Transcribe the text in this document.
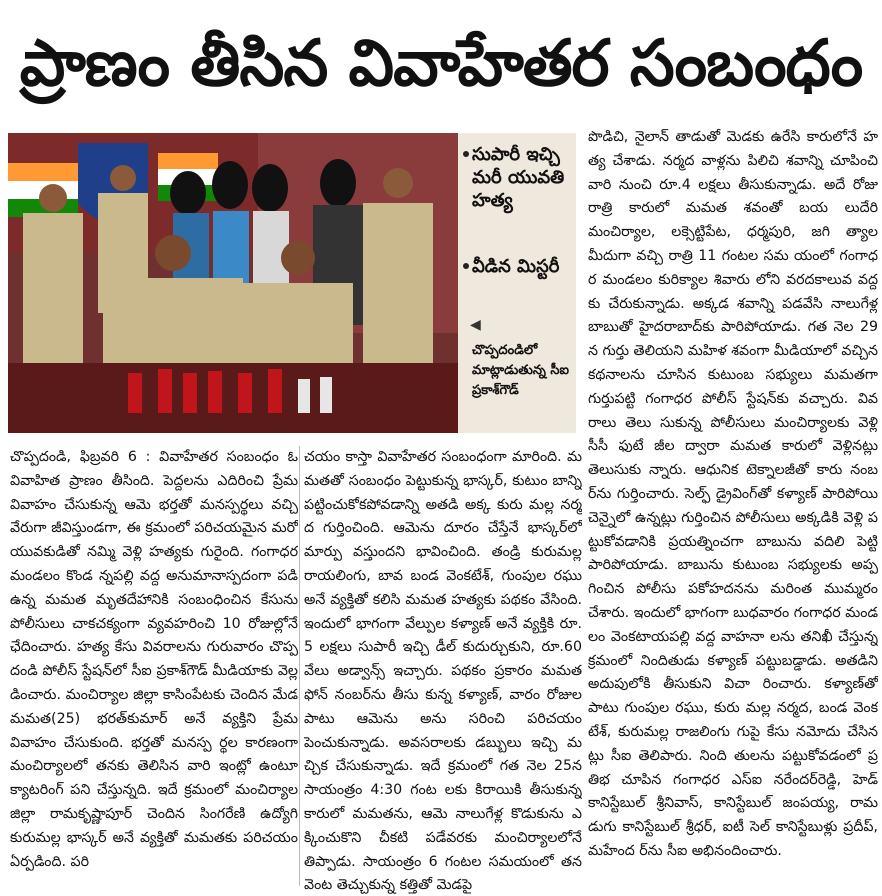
ప్రాణం తీసిన వివాహేతర సంబంధం
సుపారీ ఇచ్చి మరీ యువతి హత్య
వీడిన మిస్టరీ
◀
చొప్పదండిలో మాట్లాడుతున్న సీఐ ప్రకాశ్‌గౌడ్

చొప్పదండి, ఫిబ్రవరి 6 : వివాహేతర సంబంధం ఓ వివాహిత ప్రాణం తీసింది. పెద్దలను ఎదిరించి ప్రేమ వివాహం చేసుకున్న ఆమె భర్తతో మనస్పర్థలు వచ్చి వేరుగా జీవిస్తుండగా, ఈ క్రమంలో పరిచయమైన మరో యువకుడితో నమ్మి వెళ్లి హత్యకు గురైంది. గంగాధర మండలం కొండ న్నపల్లి వద్ద అనుమానాస్పదంగా పడి ఉన్న మమత మృతదేహానికి సంబంధించిన కేసును పోలీసులు చాకచక్యంగా వ్యవహరించి 10 రోజుల్లోనే ఛేదించారు. హత్య కేసు వివరాలను గురువారం చొప్ప దండి పోలీస్ స్టేషన్‌లో సీఐ ప్రకాశ్‌గౌడ్ మీడియాకు వెల్లడించారు. మంచిర్యాల జిల్లా కాసింపేటకు చెందిన మేడ మమత(25) భరత్‌కుమార్ అనే వ్యక్తిని ప్రేమ వివాహం చేసుకుంది. భర్తతో మనస్ప ర్థల కారణంగా మంచిర్యాలలో తనకు తెలిసిన వారి ఇంట్లో ఉంటూ క్యాటరింగ్ పని చేస్తున్నది. ఇదే క్రమంలో మంచిర్యాల జిల్లా రామకృష్ణాపూర్ చెందిన సింగరేణి ఉద్యోగి కురుమల్ల భాస్కర్ అనే వ్యక్తితో మమతకు పరిచయం ఏర్పడింది. పరి

చయం కాస్తా వివాహేతర సంబంధంగా మారింది. మమతతో సంబంధం పెట్టుకున్న భాస్కర్, కుటుం బాన్ని పట్టించుకోకపోవడాన్ని అతడి అక్క కురు మల్ల నర్మద గుర్తించింది. ఆమెను దూరం చేస్తేనే భాస్కర్‌లో మార్పు వస్తుందని భావించింది. తండ్రి కురుమల్ల రాయలింగు, బావ బండ వెంకటేశ్, గుంపుల రఘు అనే వ్యక్తితో కలిసి మమత హత్యకు పథకం వేసింది. ఇందులో భాగంగా వేల్పుల కళ్యాణ్ అనే వ్యక్తికి రూ.5 లక్షలు సుపారీ ఇచ్చి డీల్ కుదుర్చుకుని, రూ.60 వేలు అడ్వాన్స్ ఇచ్చారు. పథకం ప్రకారం మమత ఫోన్ నంబర్‌ను తీసు కున్న కళ్యాణ్, వారం రోజుల పాటు ఆమెను అను సరించి పరిచయం పెంచుకున్నాడు. అవసరాలకు డబ్బులు ఇచ్చి మచ్చిక చేసుకున్నాడు. ఇదే క్రమంలో గత నెల 25న సాయంత్రం 4:30 గంట లకు కిరాయికి తీసుకున్న కారులో మమతను, ఆమె నాలుగేళ్ల కొడుకును ఎక్కించుకొని చీకటి పడేవరకు మంచిర్యాలలోనే తిప్పాడు. సాయంత్రం 6 గంటల సమయంలో తన వెంట తెచ్చుకున్న కత్తితో మెడపై

పొడిచి, నైలాన్ తాడుతో మెడకు ఉరేసి కారులోనే హత్య చేశాడు. నర్మద వాళ్లను పిలిచి శవాన్ని చూపించి వారి నుంచి రూ.4 లక్షలు తీసుకున్నాడు. అదే రోజు రాత్రి కారులో మమత శవంతో బయ లుదేరి మంచిర్యాల, లక్సెట్టిపేట, ధర్మపురి, జగి త్యాల మీదుగా వచ్చి రాత్రి 11 గంటల సమ యంలో గంగాధర మండలం కురిక్యాల శివారు లోని వరదకాలువ వద్దకు చేరుకున్నాడు. అక్కడ శవాన్ని పడవేసి నాలుగేళ్ల బాబుతో హైదరాబాద్‌కు పారిపోయాడు. గత నెల 29న గుర్తు తెలియని మహిళ శవంగా మీడియాలో వచ్చిన కథనాలను చూసిన కుటుంబ సభ్యులు మమతగా గుర్తుపట్టి గంగాధర పోలీస్ స్టేషన్‌కు వచ్చారు. వివరాలు తెలు సుకున్న పోలీసులు మంచిర్యాలకు వెళ్లి సీసీ ఫుటే జీల ద్వారా మమత కారులో వెళ్లినట్లు తెలుసుకు న్నారు. ఆధునిక టెక్నాలజీతో కారు నంబర్‌ను గుర్తించారు. సెల్ఫ్ డ్రైవింగ్‌తో కళ్యాణ్ పారిపోయి చెన్నైలో ఉన్నట్లు గుర్తించిన పోలీసులు అక్కడికి వెళ్లి పట్టుకోవడానికి ప్రయత్నించగా బాబును వదిలి పెట్టి పారిపోయాడు. బాబును కుటుంబ సభ్యులకు అప్పగించిన పోలీసు పకోహదనను మరింత ముమ్మరం చేశారు. ఇందులో భాగంగా బుధవారం గంగాధర మండలం వెంకటాయపల్లి వద్ద వాహనా లను తనిఖీ చేస్తున్న క్రమంలో నిందితుడు కళ్యాణ్ పట్టుబడ్డాడు. అతడిని అదుపులోకి తీసుకుని విచా రించారు. కళ్యాణ్‌తో పాటు గుంపుల రఘు, కురు మల్ల నర్మద, బండ వెంకటేశ్, కురుమల్ల రాజలింగు గుపై కేసు నమోదు చేసినట్లు సీఐ తెలిపారు. నింది తులను పట్టుకోవడంలో ప్రతిభ చూపిన గంగాధర ఎస్ఐ నరేందర్‌రెడ్డి, హెడ్ కానిస్టేబుల్ శ్రీనివాస్, కానిస్టేబుల్ జంపయ్య, రామడుగు కానిస్టేబుల్ శ్రీధర్, ఐటీ సెల్ కానిస్టేబుళ్లు ప్రదీప్, మహేంద ర్‌ను సీఐ అభినందించారు.
